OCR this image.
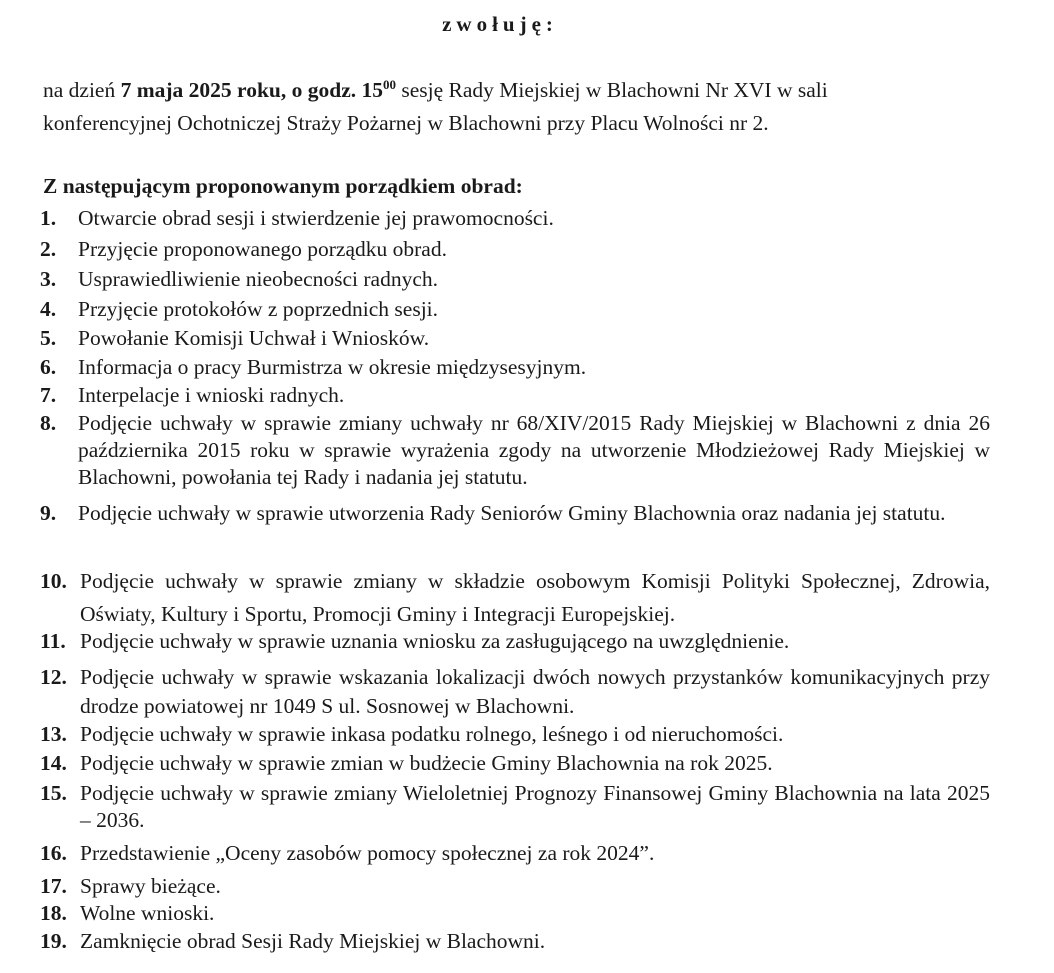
zwołuję:
na dzień 7 maja 2025 roku, o godz. $15^{00}$ sesję Rady Miejskiej w Blachowni Nr XVI w sali
konferencyjnej Ochotniczej Straży Pożarnej w Blachowni przy Placu Wolności nr 2.
Z następującym proponowanym porządkiem obrad:
1.	Otwarcie obrad sesji i stwierdzenie jej prawomocności.
2.	Przyjęcie proponowanego porządku obrad.
3.	Usprawiedliwienie nieobecności radnych.
4.	Przyjęcie protokołów z poprzednich sesji.
5.	Powołanie Komisji Uchwał i Wniosków.
6.	Informacja o pracy Burmistrza w okresie międzysesyjnym.
7.	Interpelacje i wnioski radnych.
8.	Podjęcie uchwały w sprawie zmiany uchwały nr 68/XIV/2015 Rady Miejskiej w Blachowni z dnia 26 października 2015 roku w sprawie wyrażenia zgody na utworzenie Młodzieżowej Rady Miejskiej w Blachowni, powołania tej Rady i nadania jej statutu.
9.	Podjęcie uchwały w sprawie utworzenia Rady Seniorów Gminy Blachownia oraz nadania jej statutu.
10. Podjęcie uchwały w sprawie zmiany w składzie osobowym Komisji Polityki Społecznej, Zdrowia, Oświaty, Kultury i Sportu, Promocji Gminy i Integracji Europejskiej.
11. Podjęcie uchwały w sprawie uznania wniosku za zasługującego na uwzględnienie.
12. Podjęcie uchwały w sprawie wskazania lokalizacji dwóch nowych przystanków komunikacyjnych przy drodze powiatowej nr 1049 S ul. Sosnowej w Blachowni.
13. Podjęcie uchwały w sprawie inkasa podatku rolnego, leśnego i od nieruchomości.
14. Podjęcie uchwały w sprawie zmian w budżecie Gminy Blachownia na rok 2025.
15. Podjęcie uchwały w sprawie zmiany Wieloletniej Prognozy Finansowej Gminy Blachownia na lata 2025 – 2036.
16. Przedstawienie „Oceny zasobów pomocy społecznej za rok 2024”.
17. Sprawy bieżące.
18. Wolne wnioski.
19. Zamknięcie obrad Sesji Rady Miejskiej w Blachowni.
